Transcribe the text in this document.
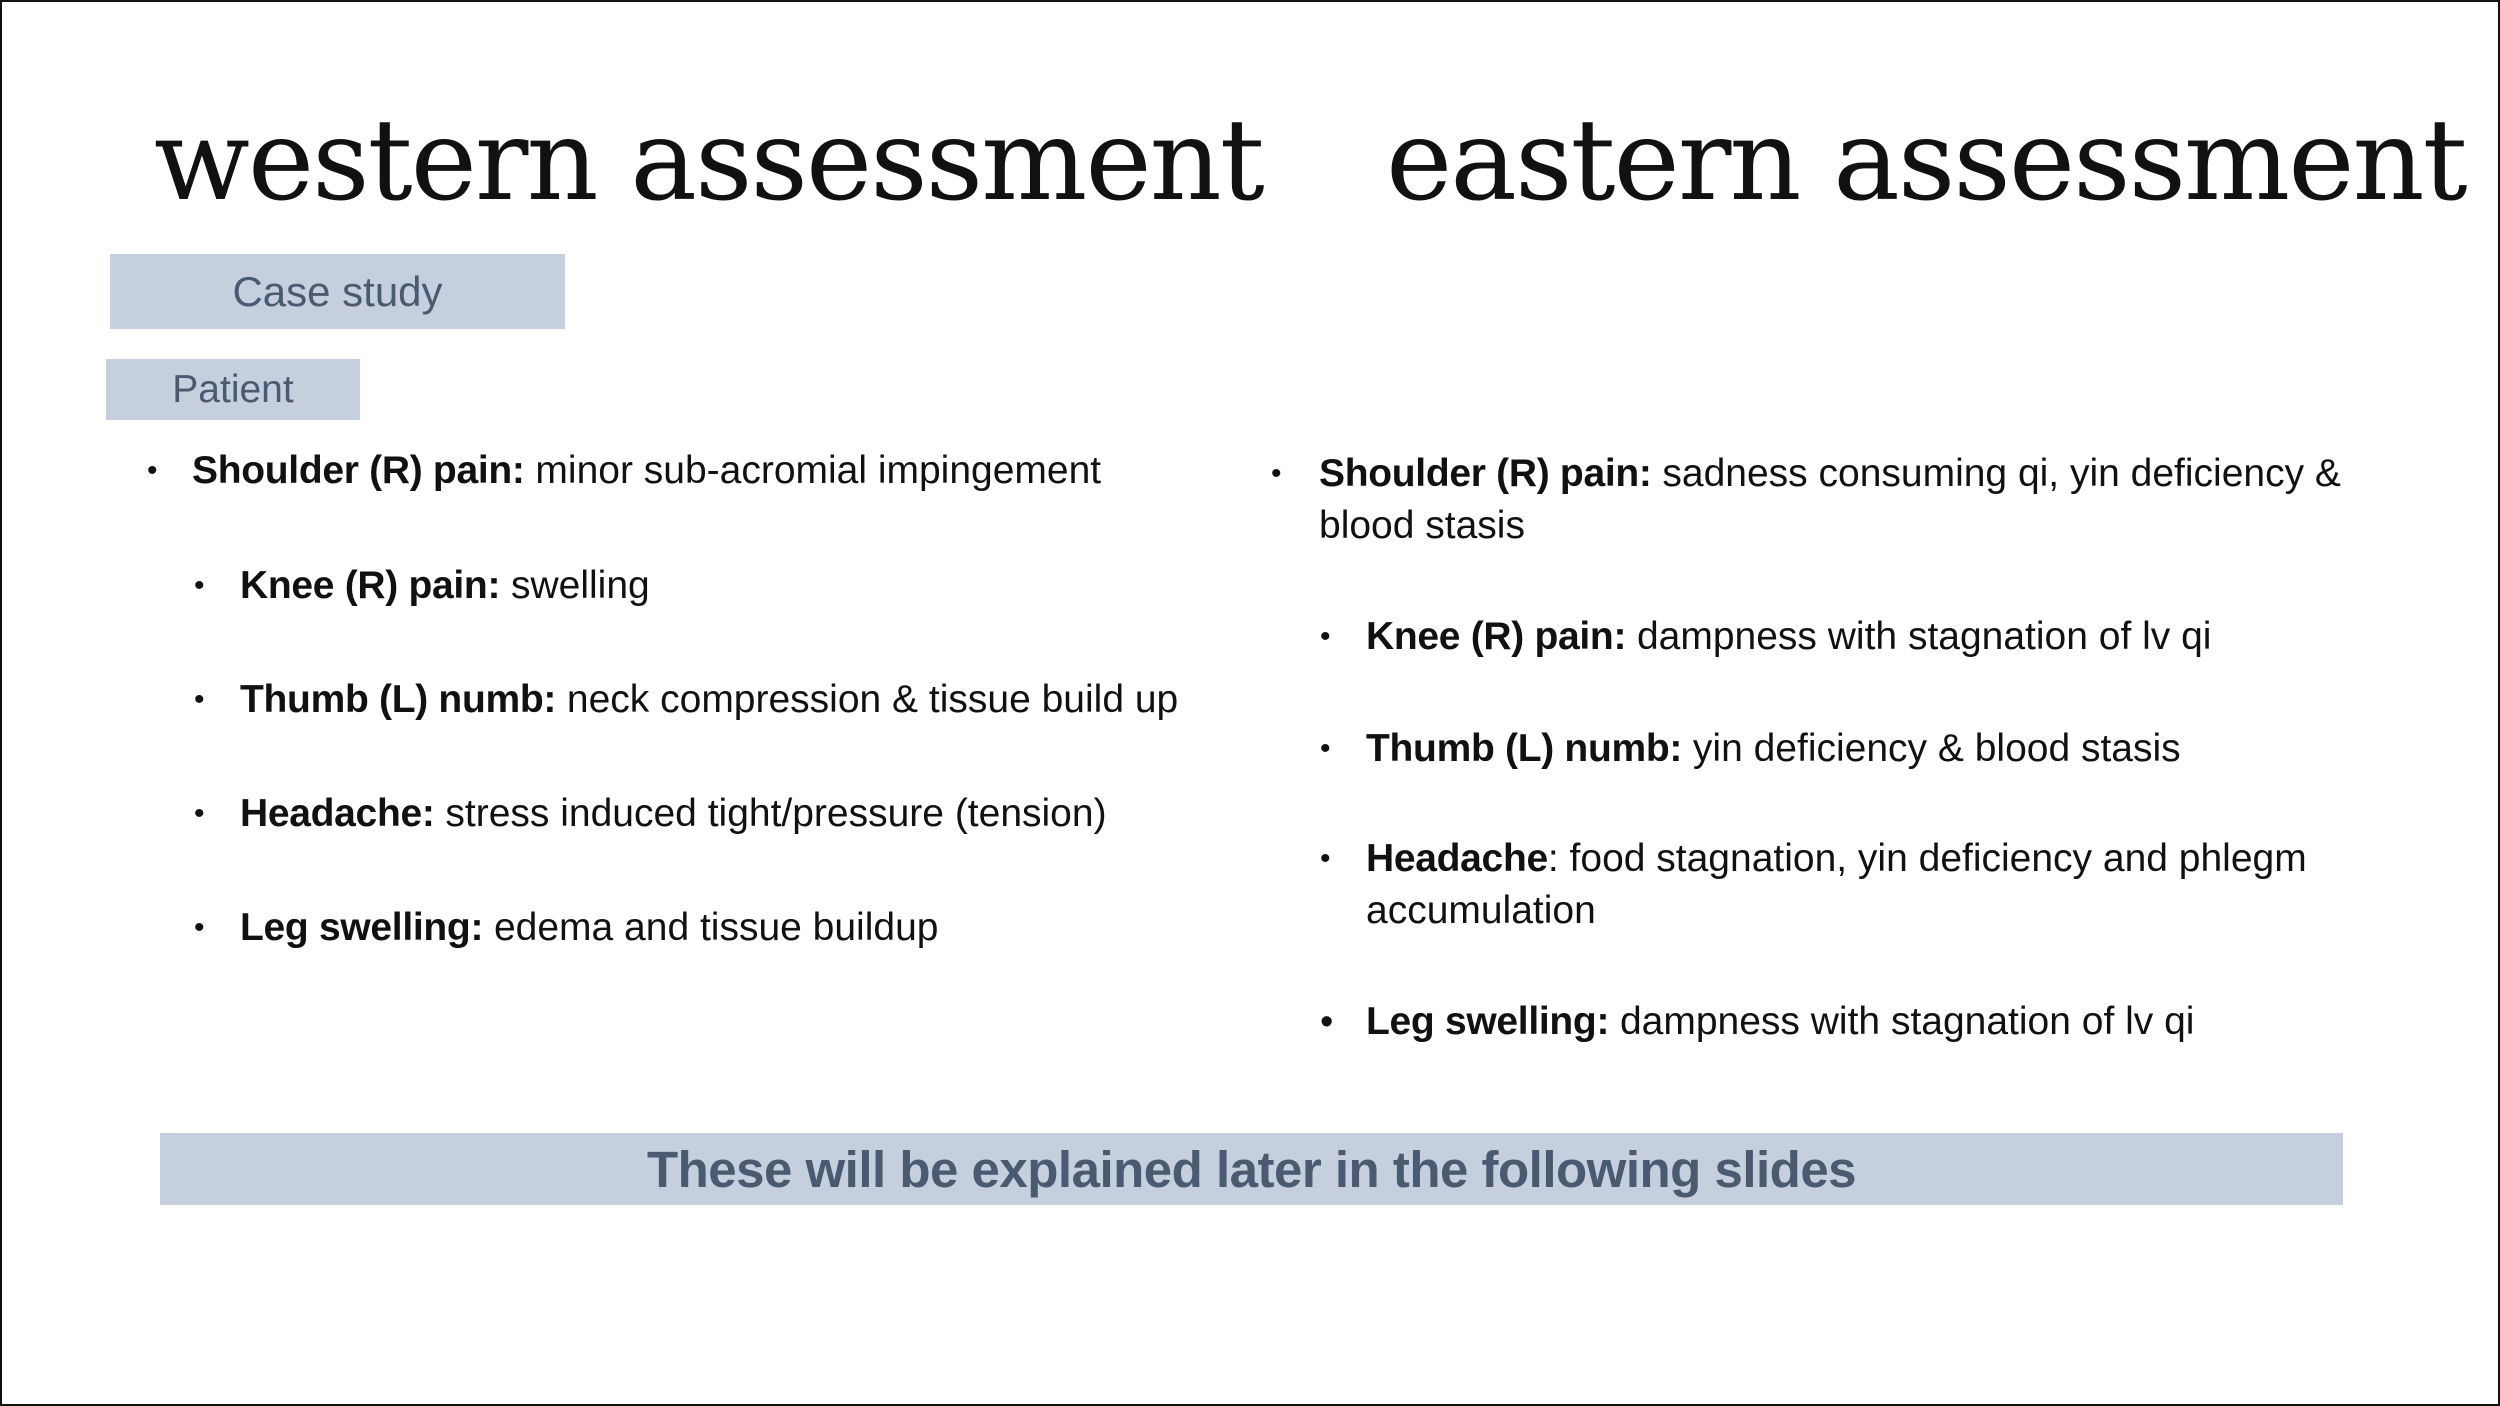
western assessment eastern assessment
Case study
Patient
• Shoulder (R) pain: minor sub-acromial impingement
• Knee (R) pain: swelling
• Thumb (L) numb: neck compression & tissue build up
• Headache: stress induced tight/pressure (tension)
• Leg swelling: edema and tissue buildup
• Shoulder (R) pain: sadness consuming qi, yin deficiency & blood stasis
• Knee (R) pain: dampness with stagnation of lv qi
• Thumb (L) numb: yin deficiency & blood stasis
• Headache: food stagnation, yin deficiency and phlegm accumulation
• Leg swelling: dampness with stagnation of lv qi
These will be explained later in the following slides
